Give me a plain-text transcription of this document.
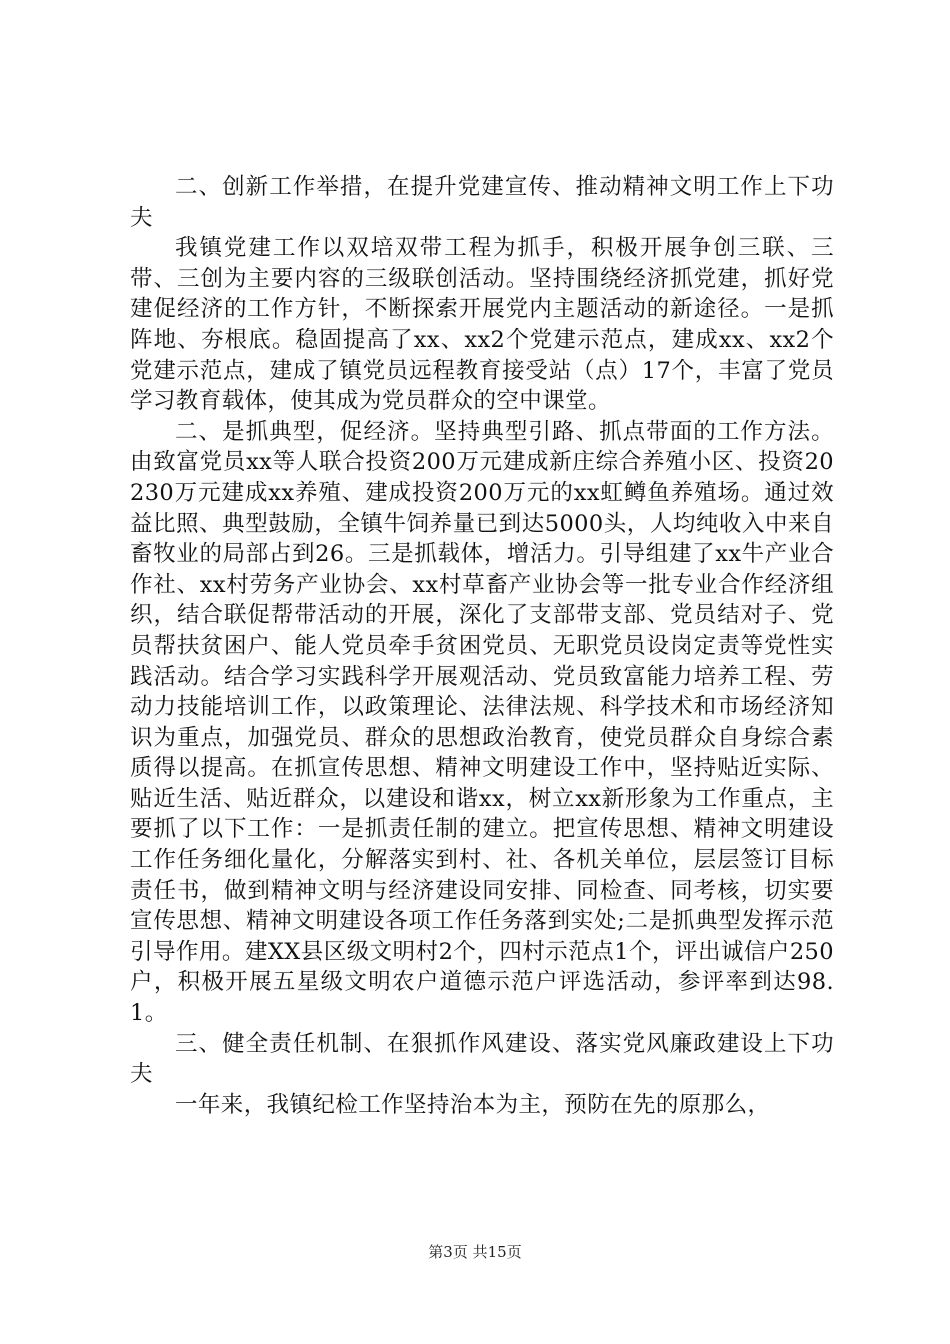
二、创新工作举措，在提升党建宣传、推动精神文明工作上下功夫

我镇党建工作以双培双带工程为抓手，积极开展争创三联、三带、三创为主要内容的三级联创活动。坚持围绕经济抓党建，抓好党建促经济的工作方针，不断探索开展党内主题活动的新途径。一是抓阵地、夯根底。稳固提高了xx、xx2个党建示范点，建成xx、xx2个党建示范点，建成了镇党员远程教育接受站（点）17个，丰富了党员学习教育载体，使其成为党员群众的空中课堂。

二、是抓典型，促经济。坚持典型引路、抓点带面的工作方法。由致富党员xx等人联合投资200万元建成新庄综合养殖小区、投资20230万元建成xx养殖、建成投资200万元的xx虹鳟鱼养殖场。通过效益比照、典型鼓励，全镇牛饲养量已到达5000头，人均纯收入中来自畜牧业的局部占到26。三是抓载体，增活力。引导组建了xx牛产业合作社、xx村劳务产业协会、xx村草畜产业协会等一批专业合作经济组织，结合联促帮带活动的开展，深化了支部带支部、党员结对子、党员帮扶贫困户、能人党员牵手贫困党员、无职党员设岗定责等党性实践活动。结合学习实践科学开展观活动、党员致富能力培养工程、劳动力技能培训工作，以政策理论、法律法规、科学技术和市场经济知识为重点，加强党员、群众的思想政治教育，使党员群众自身综合素质得以提高。在抓宣传思想、精神文明建设工作中，坚持贴近实际、贴近生活、贴近群众，以建设和谐xx，树立xx新形象为工作重点，主要抓了以下工作：一是抓责任制的建立。把宣传思想、精神文明建设工作任务细化量化，分解落实到村、社、各机关单位，层层签订目标责任书，做到精神文明与经济建设同安排、同检查、同考核，切实要宣传思想、精神文明建设各项工作任务落到实处;二是抓典型发挥示范引导作用。建XX县区级文明村2个，四村示范点1个，评出诚信户250户，积极开展五星级文明农户道德示范户评选活动，参评率到达98.1。

三、健全责任机制、在狠抓作风建设、落实党风廉政建设上下功夫

一年来，我镇纪检工作坚持治本为主，预防在先的原那么，

第3页 共15页
